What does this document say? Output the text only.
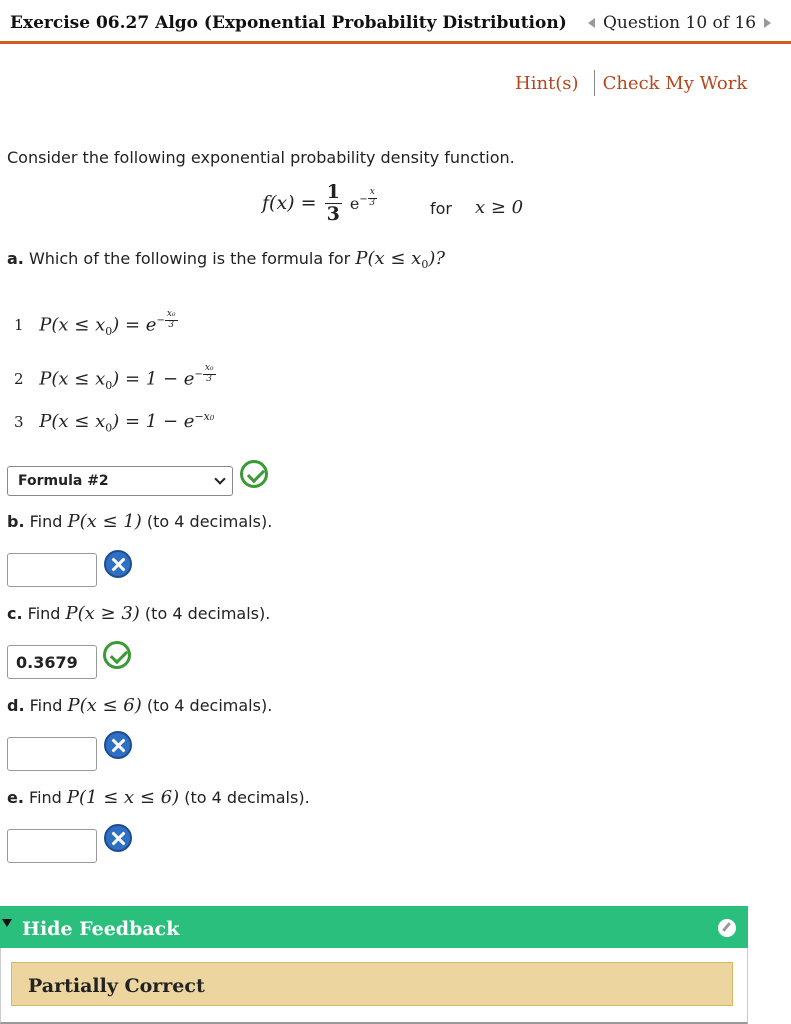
Exercise 06.27 Algo (Exponential Probability Distribution) Question 10 of 16
Hint(s) Check My Work
Consider the following exponential probability density function.
$f(x) = \frac{1}{3} e^{- \frac{x}{3}}$	for x ≥ 0
a. Which of the following is the formula for $P(x \le x_0)$?
1 $P(x \le x_0) = e^{- \frac{\text{x₀}}{3}}$
2 $P(x \le x_0) = 1 - e^{- \frac{\text{x₀}}{3}}$
3 $P(x \le x_0) = 1 - e^{-x_0}$
Formula #2
b. Find P(x ≤ 1) (to 4 decimals).
c. Find P(x ≥ 3) (to 4 decimals).
0.3679
d. Find P(x ≤ 6) (to 4 decimals).
e. Find P(1 ≤ x ≤ 6) (to 4 decimals).
Hide Feedback
Partially Correct
